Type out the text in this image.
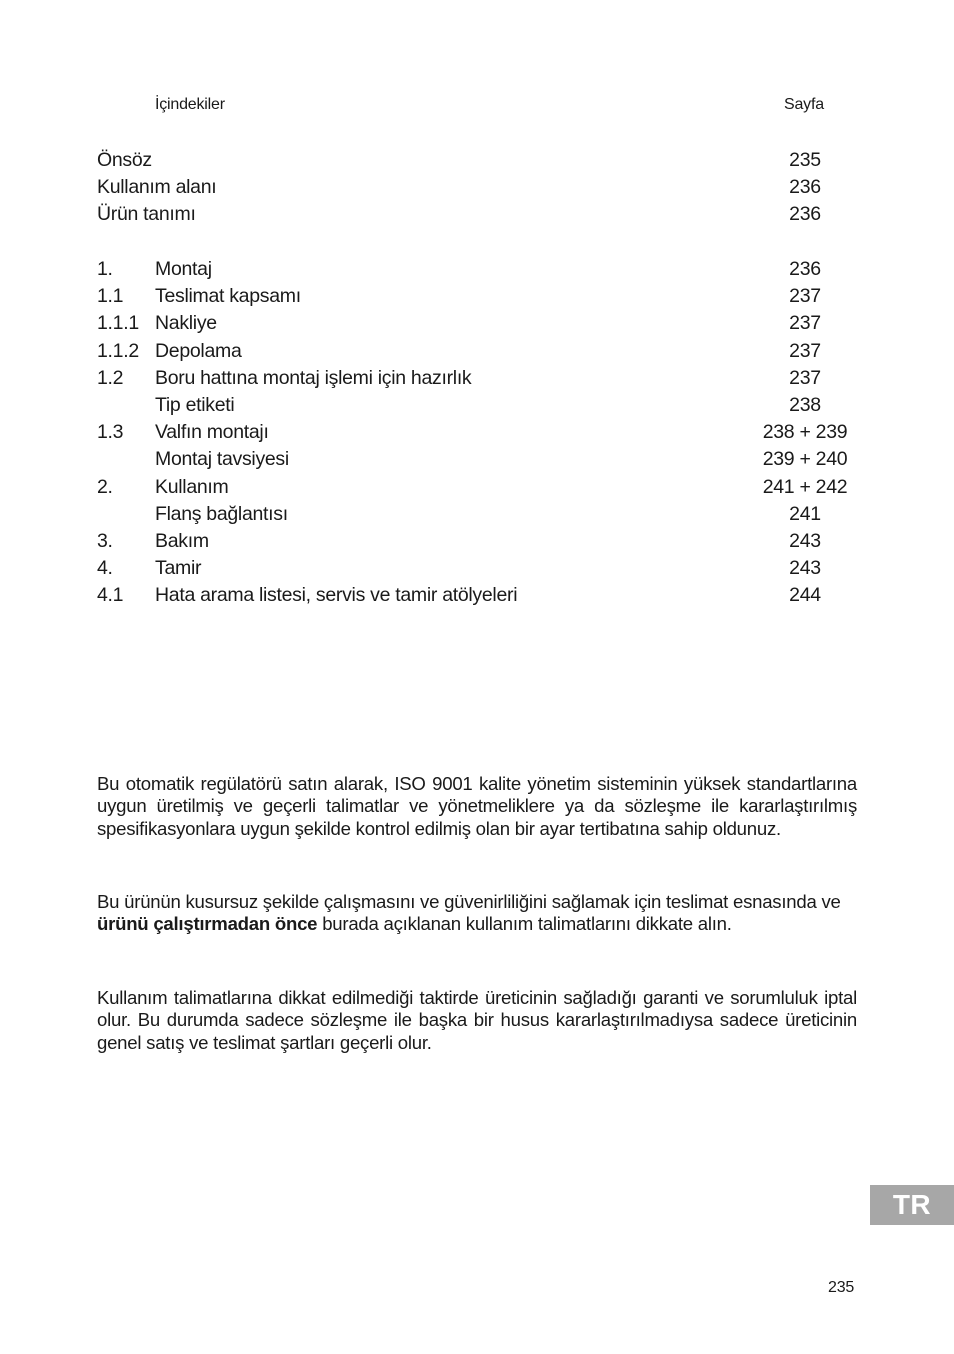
İçindekiler	Sayfa
Önsöz	235
Kullanım alanı	236
Ürün tanımı	236
1. Montaj	236
1.1 Teslimat kapsamı	237
1.1.1 Nakliye	237
1.1.2 Depolama	237
1.2 Boru hattına montaj işlemi için hazırlık	237
Tip etiketi	238
1.3 Valfın montajı	238 + 239
Montaj tavsiyesi	239 + 240
2. Kullanım	241 + 242
Flanş bağlantısı	241
3. Bakım	243
4. Tamir	243
4.1 Hata arama listesi, servis ve tamir atölyeleri	244

Bu otomatik regülatörü satın alarak, ISO 9001 kalite yönetim sisteminin yüksek standartlarına uygun üretilmiş ve geçerli talimatlar ve yönetmeliklere ya da sözleşme ile kararlaştırılmış spesifikasyonlara uygun şekilde kontrol edilmiş olan bir ayar tertibatına sahip oldunuz.

Bu ürünün kusursuz şekilde çalışmasını ve güvenirliliğini sağlamak için teslimat esnasında ve ürünü çalıştırmadan önce burada açıklanan kullanım talimatlarını dikkate alın.

Kullanım talimatlarına dikkat edilmediği taktirde üreticinin sağladığı garanti ve sorumluluk iptal olur. Bu durumda sadece sözleşme ile başka bir husus kararlaştırılmadıysa sadece üreticinin genel satış ve teslimat şartları geçerli olur.

TR
235
